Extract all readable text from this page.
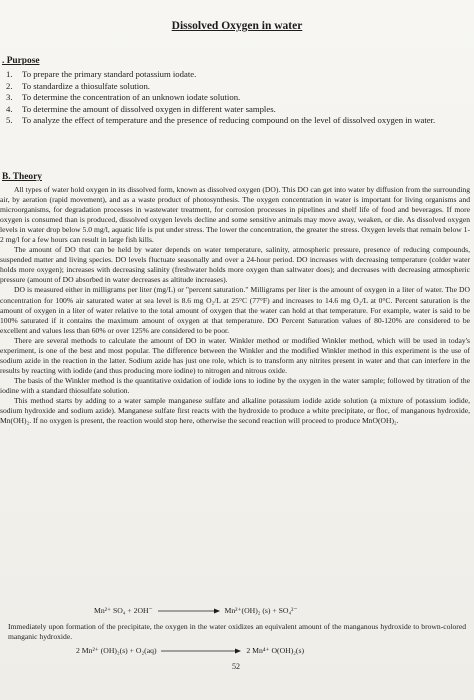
Dissolved Oxygen in water
. Purpose
1.	To prepare the primary standard potassium iodate.
2.	To standardize a thiosulfate solution.
3.	To determine the concentration of an unknown iodate solution.
4.	To determine the amount of dissolved oxygen in different water samples.
5.	To analyze the effect of temperature and the presence of reducing compound on the level of dissolved oxygen in water.
B. Theory

All types of water hold oxygen in its dissolved form, known as dissolved oxygen (DO). This DO can get into water by diffusion from the surrounding air, by aeration (rapid movement), and as a waste product of photosynthesis. The oxygen concentration in water is important for living organisms and microorganisms, for degradation processes in wastewater treatment, for corrosion processes in pipelines and shelf life of food and beverages. If more oxygen is consumed than is produced, dissolved oxygen levels decline and some sensitive animals may move away, weaken, or die. As dissolved oxygen levels in water drop below 5.0 mg/l, aquatic life is put under stress. The lower the concentration, the greater the stress. Oxygen levels that remain below 1-2 mg/l for a few hours can result in large fish kills.

The amount of DO that can be held by water depends on water temperature, salinity, atmospheric pressure, presence of reducing compounds, suspended matter and living species. DO levels fluctuate seasonally and over a 24-hour period. DO increases with decreasing temperature (colder water holds more oxygen); increases with decreasing salinity (freshwater holds more oxygen than saltwater does); and decreases with decreasing atmospheric pressure (amount of DO absorbed in water decreases as altitude increases).

DO is measured either in milligrams per liter (mg/L) or "percent saturation." Milligrams per liter is the amount of oxygen in a liter of water. The DO concentration for 100% air saturated water at sea level is 8.6 mg O₂/L at 25°C (77°F) and increases to 14.6 mg O₂/L at 0°C. Percent saturation is the amount of oxygen in a liter of water relative to the total amount of oxygen that the water can hold at that temperature. For example, water is said to be 100% saturated if it contains the maximum amount of oxygen at that temperature. DO Percent Saturation values of 80-120% are considered to be excellent and values less than 60% or over 125% are considered to be poor.

There are several methods to calculate the amount of DO in water. Winkler method or modified Winkler method, which will be used in today's experiment, is one of the best and most popular. The difference between the Winkler and the modified Winkler method in this experiment is the use of sodium azide in the reaction in the latter. Sodium azide has just one role, which is to transform any nitrites present in water and that can interfere in the results by reacting with iodide (and thus producing more iodine) to nitrogen and nitrous oxide.

The basis of the Winkler method is the quantitative oxidation of iodide ions to iodine by the oxygen in the water sample; followed by titration of the iodine with a standard thiosulfate solution.

This method starts by adding to a water sample manganese sulfate and alkaline potassium iodide azide solution (a mixture of potassium iodide, sodium hydroxide and sodium azide). Manganese sulfate first reacts with the hydroxide to produce a white precipitate, or floc, of manganous hydroxide, Mn(OH)₂. If no oxygen is present, the reaction would stop here, otherwise the second reaction will proceed to produce MnO(OH)₂.

Mn²⁺ SO₄ + 2OH⁻	Mn²⁺(OH)₂ (s) + SO₄²⁻
Immediately upon formation of the precipitate, the oxygen in the water oxidizes an equivalent amount of the manganous hydroxide to brown-colored manganic hydroxide.
2 Mn²⁺ (OH)₂(s) + O₂(aq)	2 Mn⁴⁺ O(OH)₂(s)
52
